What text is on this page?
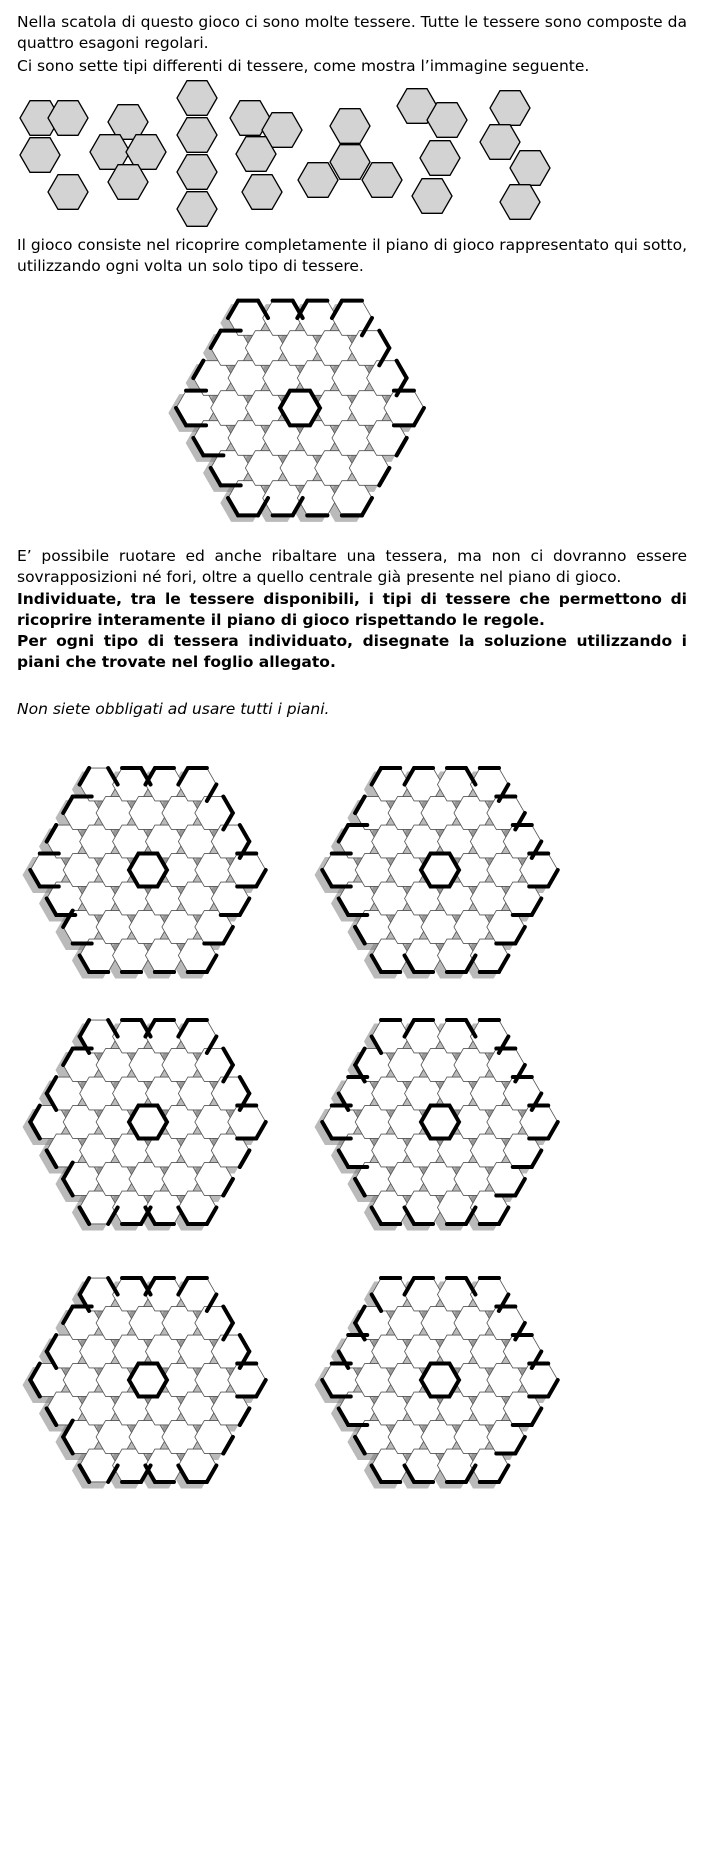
Nella scatola di questo gioco ci sono molte tessere. Tutte le tessere sono composte da quattro esagoni regolari.

Ci sono sette tipi differenti di tessere, come mostra l’immagine seguente.

Il gioco consiste nel ricoprire completamente il piano di gioco rappresentato qui sotto, utilizzando ogni volta un solo tipo di tessere.

E’ possibile ruotare ed anche ribaltare una tessera, ma non ci dovranno essere sovrapposizioni né fori, oltre a quello centrale già presente nel piano di gioco.

Individuate, tra le tessere disponibili, i tipi di tessere che permettono di ricoprire interamente il piano di gioco rispettando le regole.

Per ogni tipo di tessera individuato, disegnate la soluzione utilizzando i piani che trovate nel foglio allegato.

Non siete obbligati ad usare tutti i piani.
